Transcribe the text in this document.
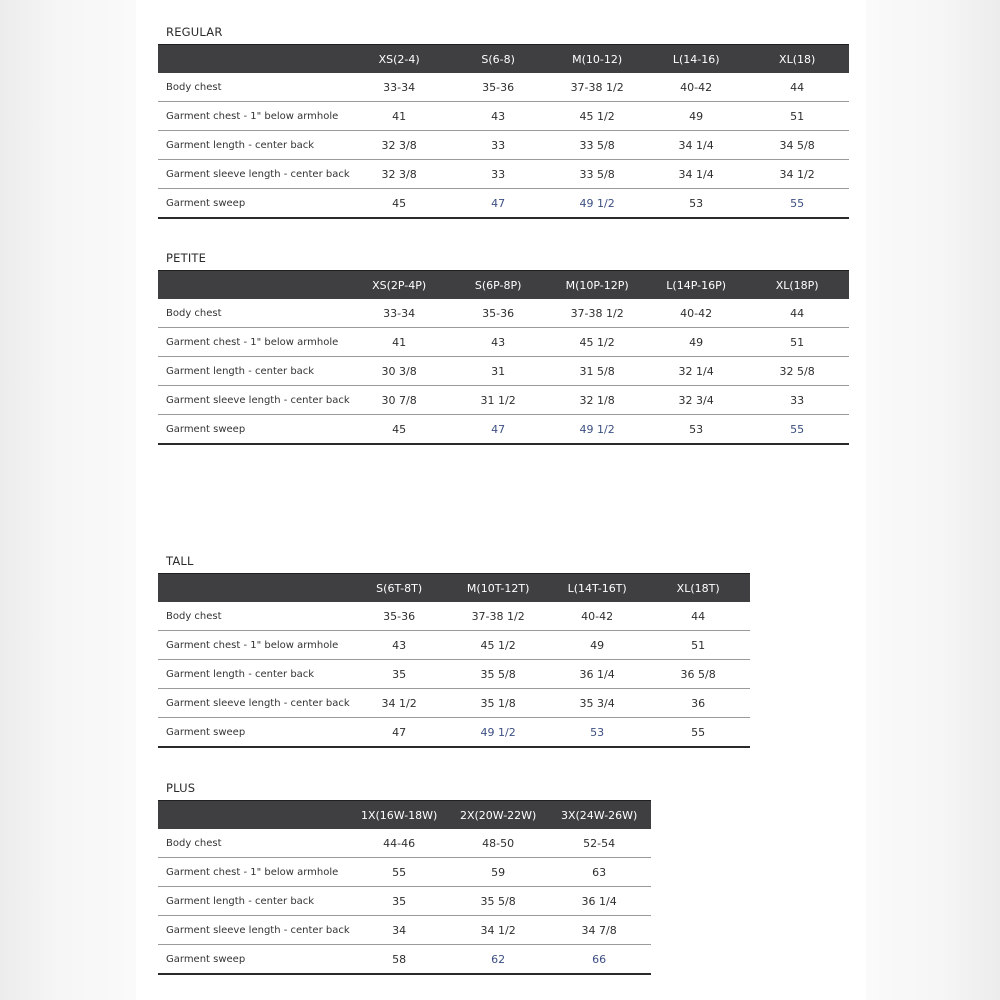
REGULAR
	XS(2-4)	S(6-8)	M(10-12)	L(14-16)	XL(18)
Body chest	33-34	35-36	37-38 1/2	40-42	44
Garment chest - 1" below armhole	41	43	45 1/2	49	51
Garment length - center back	32 3/8	33	33 5/8	34 1/4	34 5/8
Garment sleeve length - center back	32 3/8	33	33 5/8	34 1/4	34 1/2
Garment sweep	45	47	49 1/2	53	55
PETITE
	XS(2P-4P)	S(6P-8P)	M(10P-12P)	L(14P-16P)	XL(18P)
Body chest	33-34	35-36	37-38 1/2	40-42	44
Garment chest - 1" below armhole	41	43	45 1/2	49	51
Garment length - center back	30 3/8	31	31 5/8	32 1/4	32 5/8
Garment sleeve length - center back	30 7/8	31 1/2	32 1/8	32 3/4	33
Garment sweep	45	47	49 1/2	53	55
TALL
	S(6T-8T)	M(10T-12T)	L(14T-16T)	XL(18T)
Body chest	35-36	37-38 1/2	40-42	44
Garment chest - 1" below armhole	43	45 1/2	49	51
Garment length - center back	35	35 5/8	36 1/4	36 5/8
Garment sleeve length - center back	34 1/2	35 1/8	35 3/4	36
Garment sweep	47	49 1/2	53	55
PLUS
	1X(16W-18W)	2X(20W-22W)	3X(24W-26W)
Body chest	44-46	48-50	52-54
Garment chest - 1" below armhole	55	59	63
Garment length - center back	35	35 5/8	36 1/4
Garment sleeve length - center back	34	34 1/2	34 7/8
Garment sweep	58	62	66
